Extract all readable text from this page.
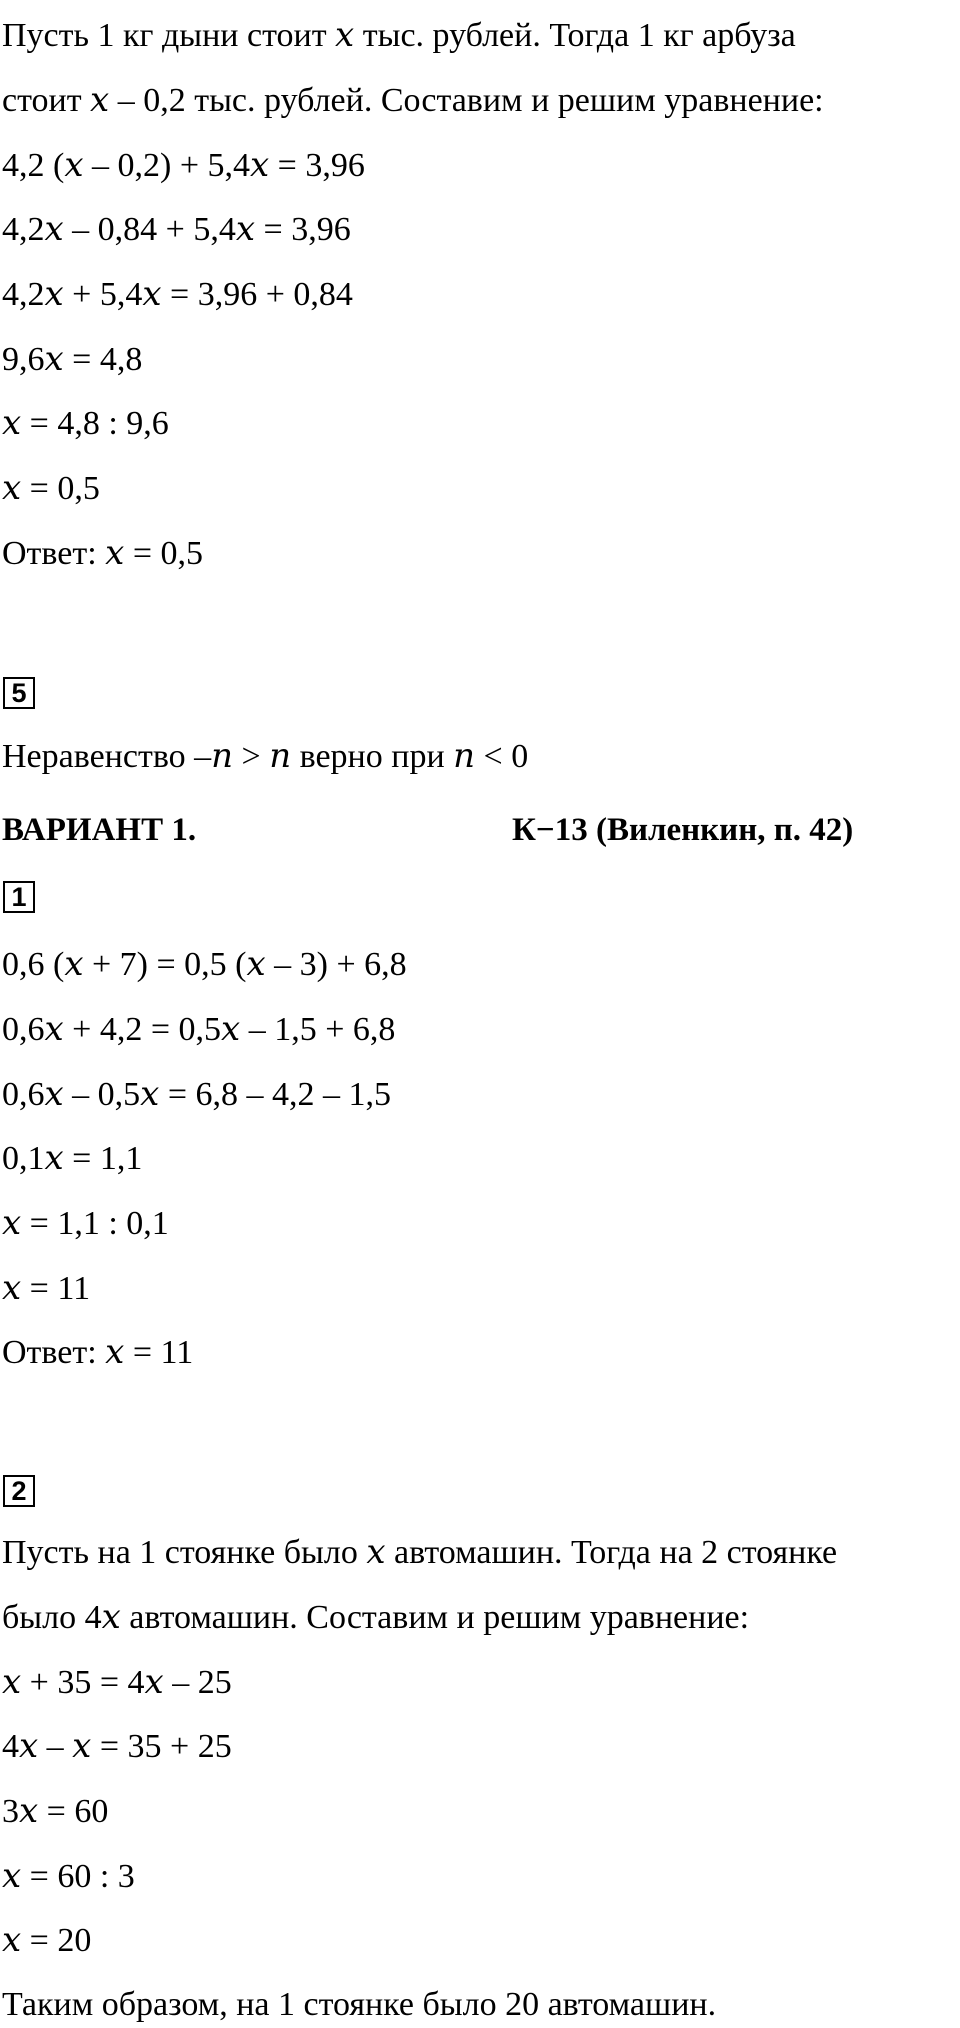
Пусть 1 кг дыни стоит 𝑥 тыс. рублей. Тогда 1 кг арбуза
стоит 𝑥 – 0,2 тыс. рублей. Составим и решим уравнение:
4,2 (𝑥 – 0,2) + 5,4𝑥 = 3,96
4,2𝑥 – 0,84 + 5,4𝑥 = 3,96
4,2𝑥 + 5,4𝑥 = 3,96 + 0,84
9,6𝑥 = 4,8
𝑥 = 4,8 : 9,6
𝑥 = 0,5
Ответ: 𝑥 = 0,5
5
Неравенство –𝑛 > 𝑛 верно при 𝑛 < 0
ВАРИАНТ 1.	К−13 (Виленкин, п. 42)
1
0,6 (𝑥 + 7) = 0,5 (𝑥 – 3) + 6,8
0,6𝑥 + 4,2 = 0,5𝑥 – 1,5 + 6,8
0,6𝑥 – 0,5𝑥 = 6,8 – 4,2 – 1,5
0,1𝑥 = 1,1
𝑥 = 1,1 : 0,1
𝑥 = 11
Ответ: 𝑥 = 11
2
Пусть на 1 стоянке было 𝑥 автомашин. Тогда на 2 стоянке
было 4𝑥 автомашин. Составим и решим уравнение:
𝑥 + 35 = 4𝑥 – 25
4𝑥 – 𝑥 = 35 + 25
3𝑥 = 60
𝑥 = 60 : 3
𝑥 = 20
Таким образом, на 1 стоянке было 20 автомашин.
